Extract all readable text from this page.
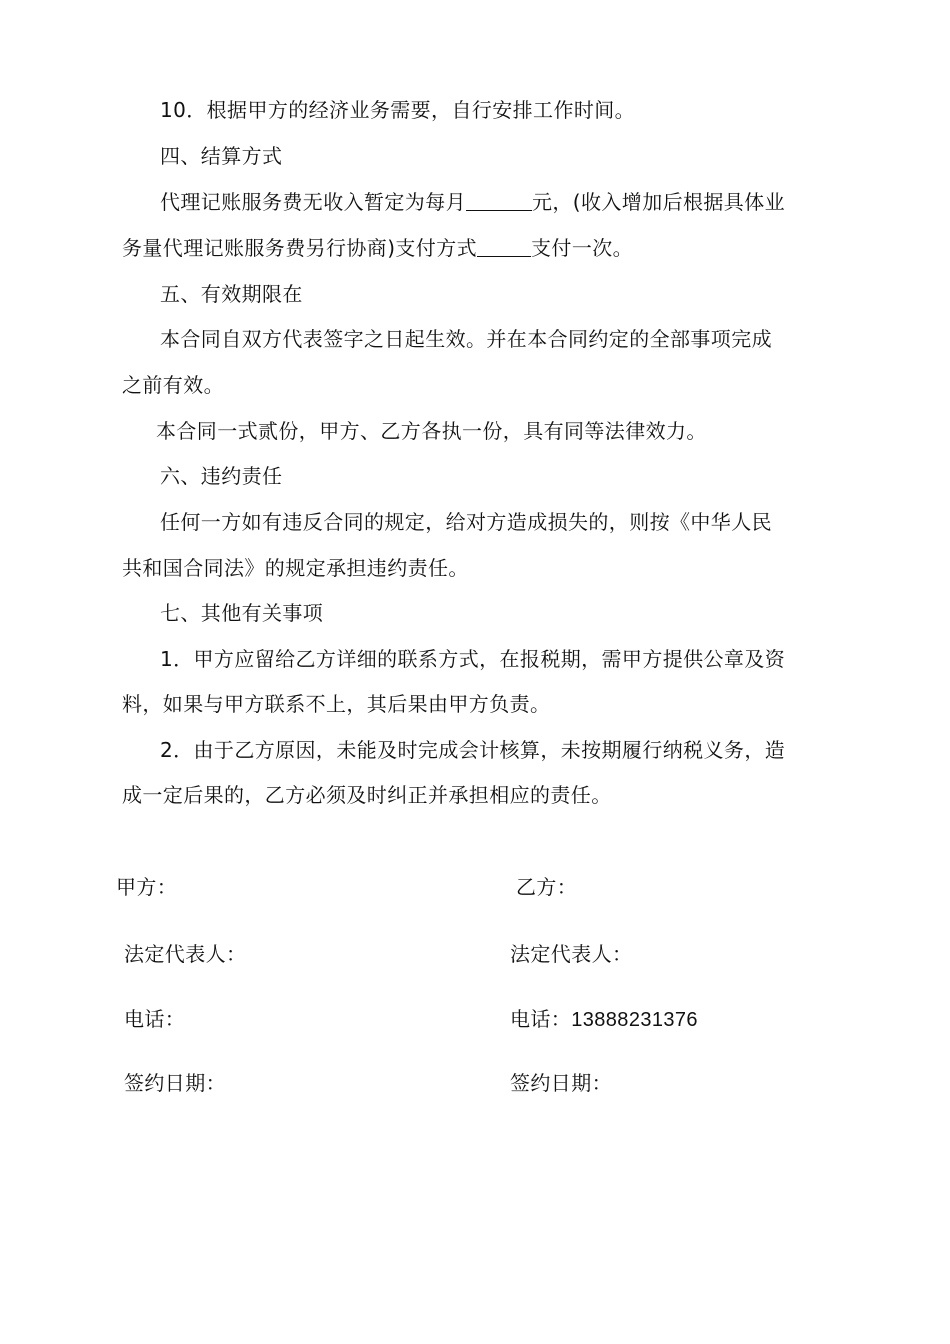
10．根据甲方的经济业务需要，自行安排工作时间。
四、结算方式
代理记账服务费无收入暂定为每月	元，(收入增加后根据具体业
务量代理记账服务费另行协商)支付方式	支付一次。
五、有效期限在
本合同自双方代表签字之日起生效。并在本合同约定的全部事项完成
之前有效。
本合同一式贰份，甲方、乙方各执一份，具有同等法律效力。
六、违约责任
任何一方如有违反合同的规定，给对方造成损失的，则按《中华人民
共和国合同法》的规定承担违约责任。
七、其他有关事项
1．甲方应留给乙方详细的联系方式，在报税期，需甲方提供公章及资
料，如果与甲方联系不上，其后果由甲方负责。
2．由于乙方原因，未能及时完成会计核算，未按期履行纳税义务，造
成一定后果的，乙方必须及时纠正并承担相应的责任。
甲方：
法定代表人：
电话：
签约日期：
乙方：
法定代表人：
电话：13888231376
签约日期：
